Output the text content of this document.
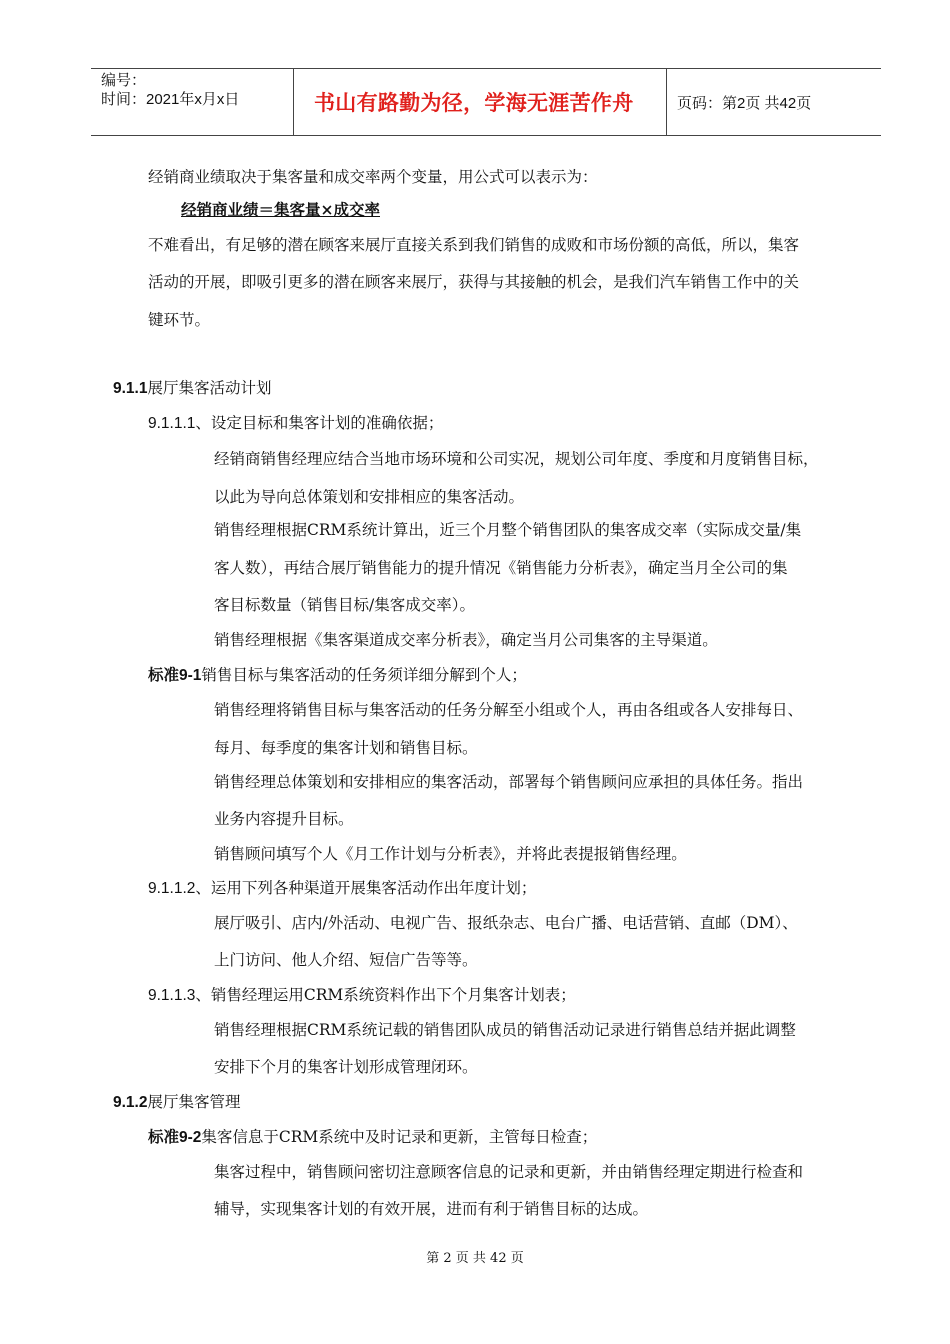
编号：
时间：2021年x月x日	书山有路勤为径，学海无涯苦作舟	页码：第2页 共42页
经销商业绩取决于集客量和成交率两个变量，用公式可以表示为：
经销商业绩＝集客量×成交率
不难看出，有足够的潜在顾客来展厅直接关系到我们销售的成败和市场份额的高低，所以，集客
活动的开展，即吸引更多的潜在顾客来展厅，获得与其接触的机会，是我们汽车销售工作中的关
键环节。
9.1.1展厅集客活动计划
9.1.1.1、设定目标和集客计划的准确依据；
经销商销售经理应结合当地市场环境和公司实况，规划公司年度、季度和月度销售目标，
以此为导向总体策划和安排相应的集客活动。
销售经理根据CRM系统计算出，近三个月整个销售团队的集客成交率（实际成交量/集
客人数），再结合展厅销售能力的提升情况《销售能力分析表》，确定当月全公司的集
客目标数量（销售目标/集客成交率）。
销售经理根据《集客渠道成交率分析表》，确定当月公司集客的主导渠道。
标准9-1销售目标与集客活动的任务须详细分解到个人；
销售经理将销售目标与集客活动的任务分解至小组或个人，再由各组或各人安排每日、
每月、每季度的集客计划和销售目标。
销售经理总体策划和安排相应的集客活动，部署每个销售顾问应承担的具体任务。指出
业务内容提升目标。
销售顾问填写个人《月工作计划与分析表》，并将此表提报销售经理。
9.1.1.2、运用下列各种渠道开展集客活动作出年度计划；
展厅吸引、店内/外活动、电视广告、报纸杂志、电台广播、电话营销、直邮（DM）、
上门访问、他人介绍、短信广告等等。
9.1.1.3、销售经理运用CRM系统资料作出下个月集客计划表；
销售经理根据CRM系统记载的销售团队成员的销售活动记录进行销售总结并据此调整
安排下个月的集客计划形成管理闭环。
9.1.2展厅集客管理
标准9-2集客信息于CRM系统中及时记录和更新，主管每日检查；
集客过程中，销售顾问密切注意顾客信息的记录和更新，并由销售经理定期进行检查和
辅导，实现集客计划的有效开展，进而有利于销售目标的达成。
第 2 页 共 42 页
